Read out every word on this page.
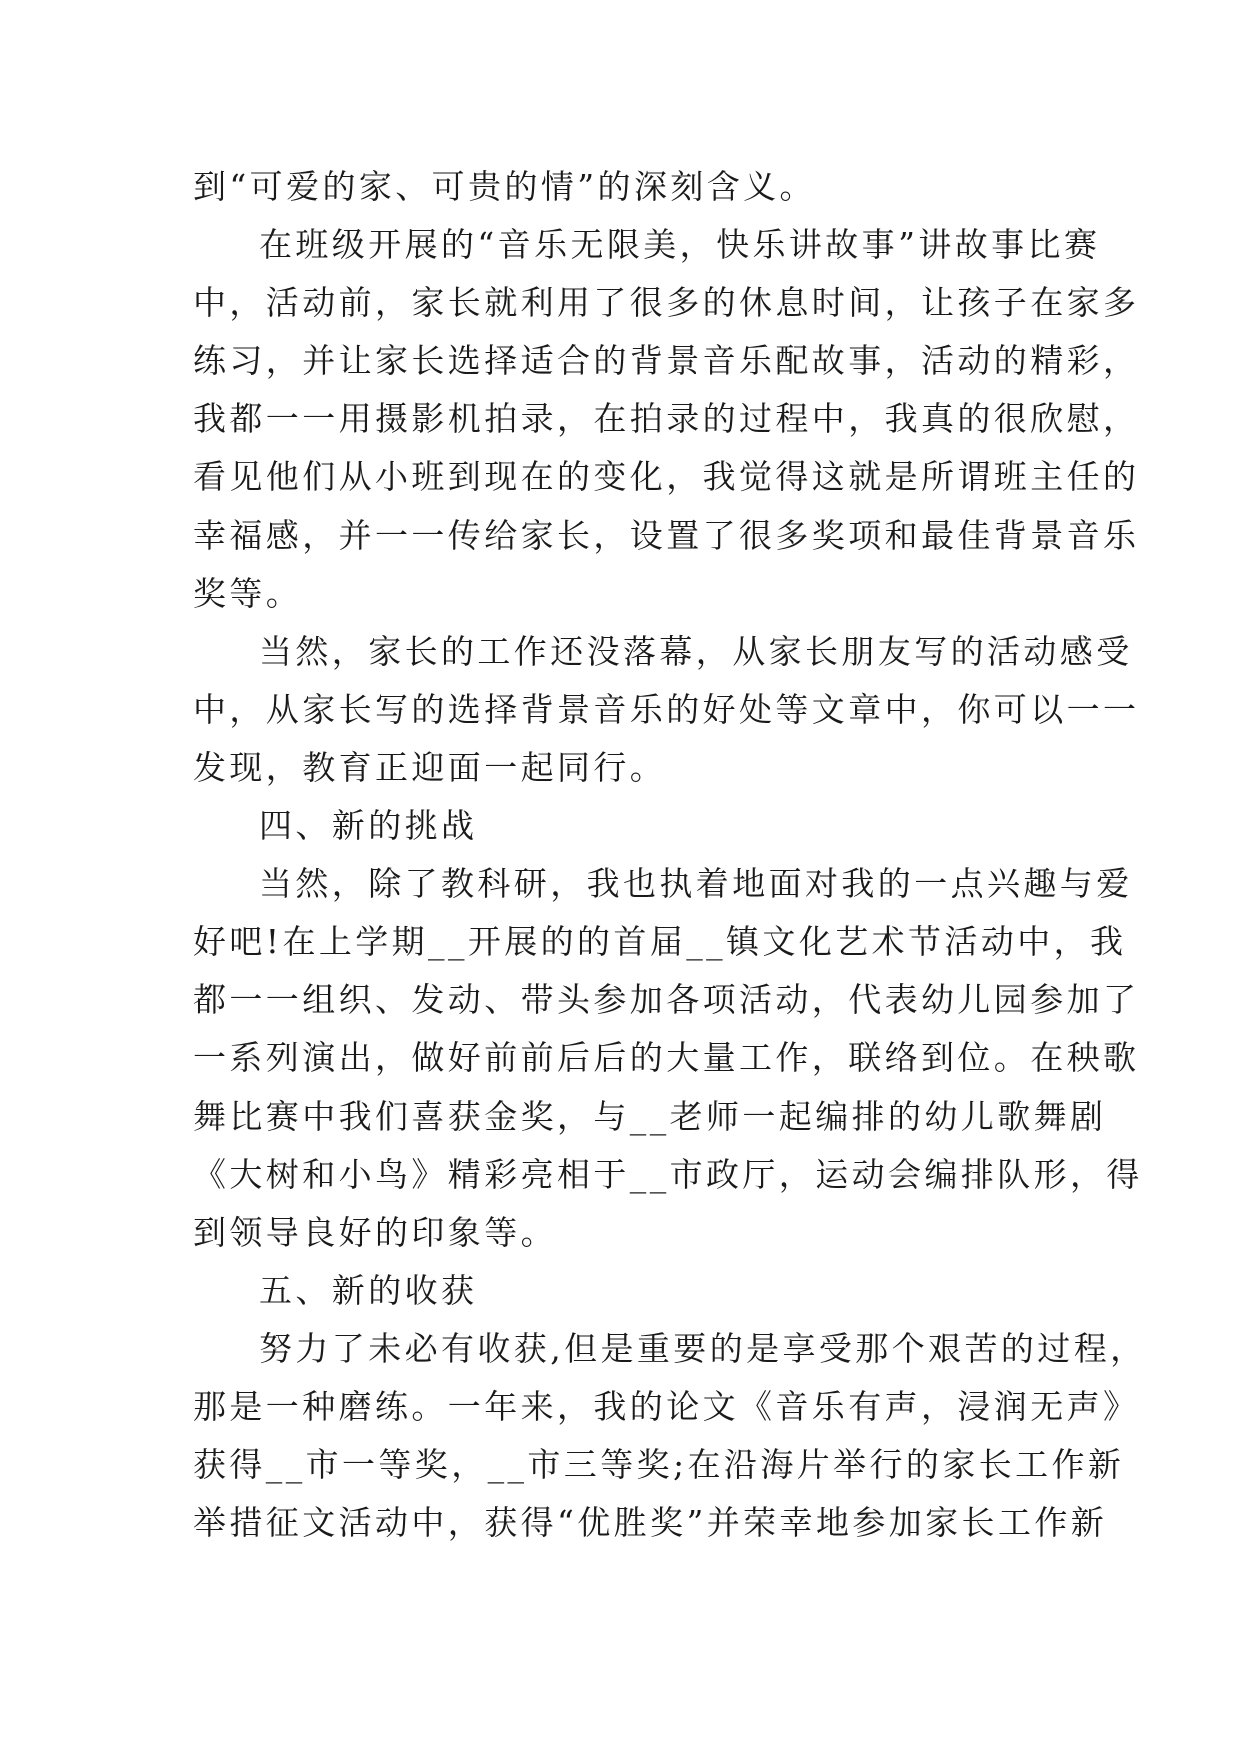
到“可爱的家、可贵的情”的深刻含义。
在班级开展的“音乐无限美，快乐讲故事”讲故事比赛
中，活动前，家长就利用了很多的休息时间，让孩子在家多
练习，并让家长选择适合的背景音乐配故事，活动的精彩，
我都一一用摄影机拍录，在拍录的过程中，我真的很欣慰，
看见他们从小班到现在的变化，我觉得这就是所谓班主任的
幸福感，并一一传给家长，设置了很多奖项和最佳背景音乐
奖等。
当然，家长的工作还没落幕，从家长朋友写的活动感受
中，从家长写的选择背景音乐的好处等文章中，你可以一一
发现，教育正迎面一起同行。
四、新的挑战
当然，除了教科研，我也执着地面对我的一点兴趣与爱
好吧!在上学期__开展的的首届__镇文化艺术节活动中，我
都一一组织、发动、带头参加各项活动，代表幼儿园参加了
一系列演出，做好前前后后的大量工作，联络到位。在秧歌
舞比赛中我们喜获金奖，与__老师一起编排的幼儿歌舞剧
《大树和小鸟》精彩亮相于__市政厅，运动会编排队形，得
到领导良好的印象等。
五、新的收获
努力了未必有收获,但是重要的是享受那个艰苦的过程，
那是一种磨练。一年来，我的论文《音乐有声，浸润无声》
获得__市一等奖，__市三等奖;在沿海片举行的家长工作新
举措征文活动中，获得“优胜奖”并荣幸地参加家长工作新
